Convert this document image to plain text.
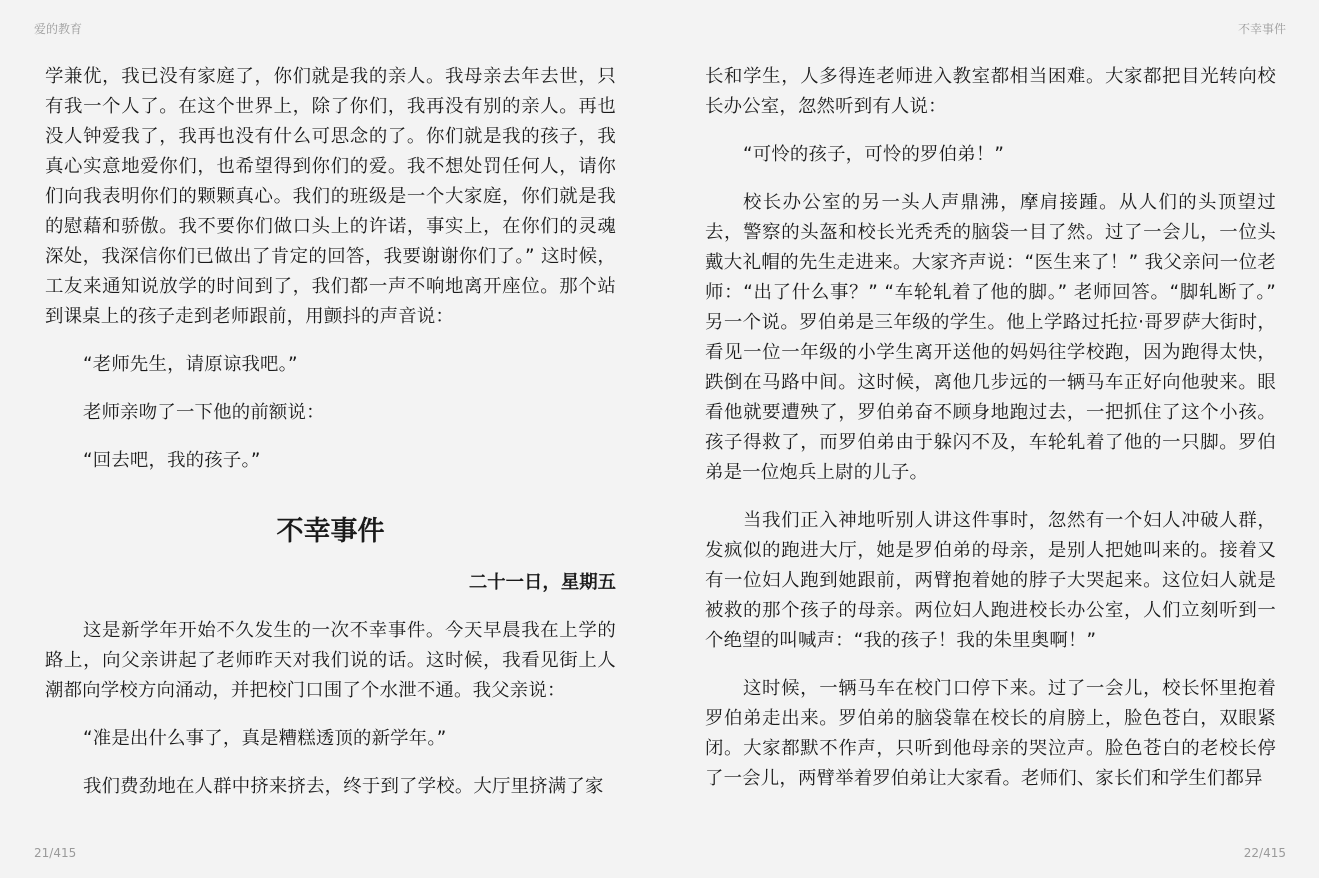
爱的教育	不幸事件

学兼优，我已没有家庭了，你们就是我的亲人。我母亲去年去世，只有我一个人了。在这个世界上，除了你们，我再没有别的亲人。再也没人钟爱我了，我再也没有什么可思念的了。你们就是我的孩子，我真心实意地爱你们，也希望得到你们的爱。我不想处罚任何人，请你们向我表明你们的颗颗真心。我们的班级是一个大家庭，你们就是我的慰藉和骄傲。我不要你们做口头上的许诺，事实上，在你们的灵魂深处，我深信你们已做出了肯定的回答，我要谢谢你们了。” 这时候，工友来通知说放学的时间到了，我们都一声不响地离开座位。那个站到课桌上的孩子走到老师跟前，用颤抖的声音说：

“老师先生，请原谅我吧。”

老师亲吻了一下他的前额说：

“回去吧，我的孩子。”

不幸事件
二十一日，星期五

这是新学年开始不久发生的一次不幸事件。今天早晨我在上学的路上，向父亲讲起了老师昨天对我们说的话。这时候，我看见街上人潮都向学校方向涌动，并把校门口围了个水泄不通。我父亲说：

“准是出什么事了，真是糟糕透顶的新学年。”

我们费劲地在人群中挤来挤去，终于到了学校。大厅里挤满了家

长和学生，人多得连老师进入教室都相当困难。大家都把目光转向校长办公室，忽然听到有人说：

“可怜的孩子，可怜的罗伯弟！”

校长办公室的另一头人声鼎沸，摩肩接踵。从人们的头顶望过去，警察的头盔和校长光秃秃的脑袋一目了然。过了一会儿，一位头戴大礼帽的先生走进来。大家齐声说：“医生来了！” 我父亲问一位老师：“出了什么事？” “车轮轧着了他的脚。” 老师回答。“脚轧断了。” 另一个说。罗伯弟是三年级的学生。他上学路过托拉·哥罗萨大街时，看见一位一年级的小学生离开送他的妈妈往学校跑，因为跑得太快，跌倒在马路中间。这时候，离他几步远的一辆马车正好向他驶来。眼看他就要遭殃了，罗伯弟奋不顾身地跑过去，一把抓住了这个小孩。孩子得救了，而罗伯弟由于躲闪不及，车轮轧着了他的一只脚。罗伯弟是一位炮兵上尉的儿子。

当我们正入神地听别人讲这件事时，忽然有一个妇人冲破人群，发疯似的跑进大厅，她是罗伯弟的母亲，是别人把她叫来的。接着又有一位妇人跑到她跟前，两臂抱着她的脖子大哭起来。这位妇人就是被救的那个孩子的母亲。两位妇人跑进校长办公室，人们立刻听到一个绝望的叫喊声：“我的孩子！我的朱里奥啊！”

这时候，一辆马车在校门口停下来。过了一会儿，校长怀里抱着罗伯弟走出来。罗伯弟的脑袋靠在校长的肩膀上，脸色苍白，双眼紧闭。大家都默不作声，只听到他母亲的哭泣声。脸色苍白的老校长停了一会儿，两臂举着罗伯弟让大家看。老师们、家长们和学生们都异

21/415	22/415
